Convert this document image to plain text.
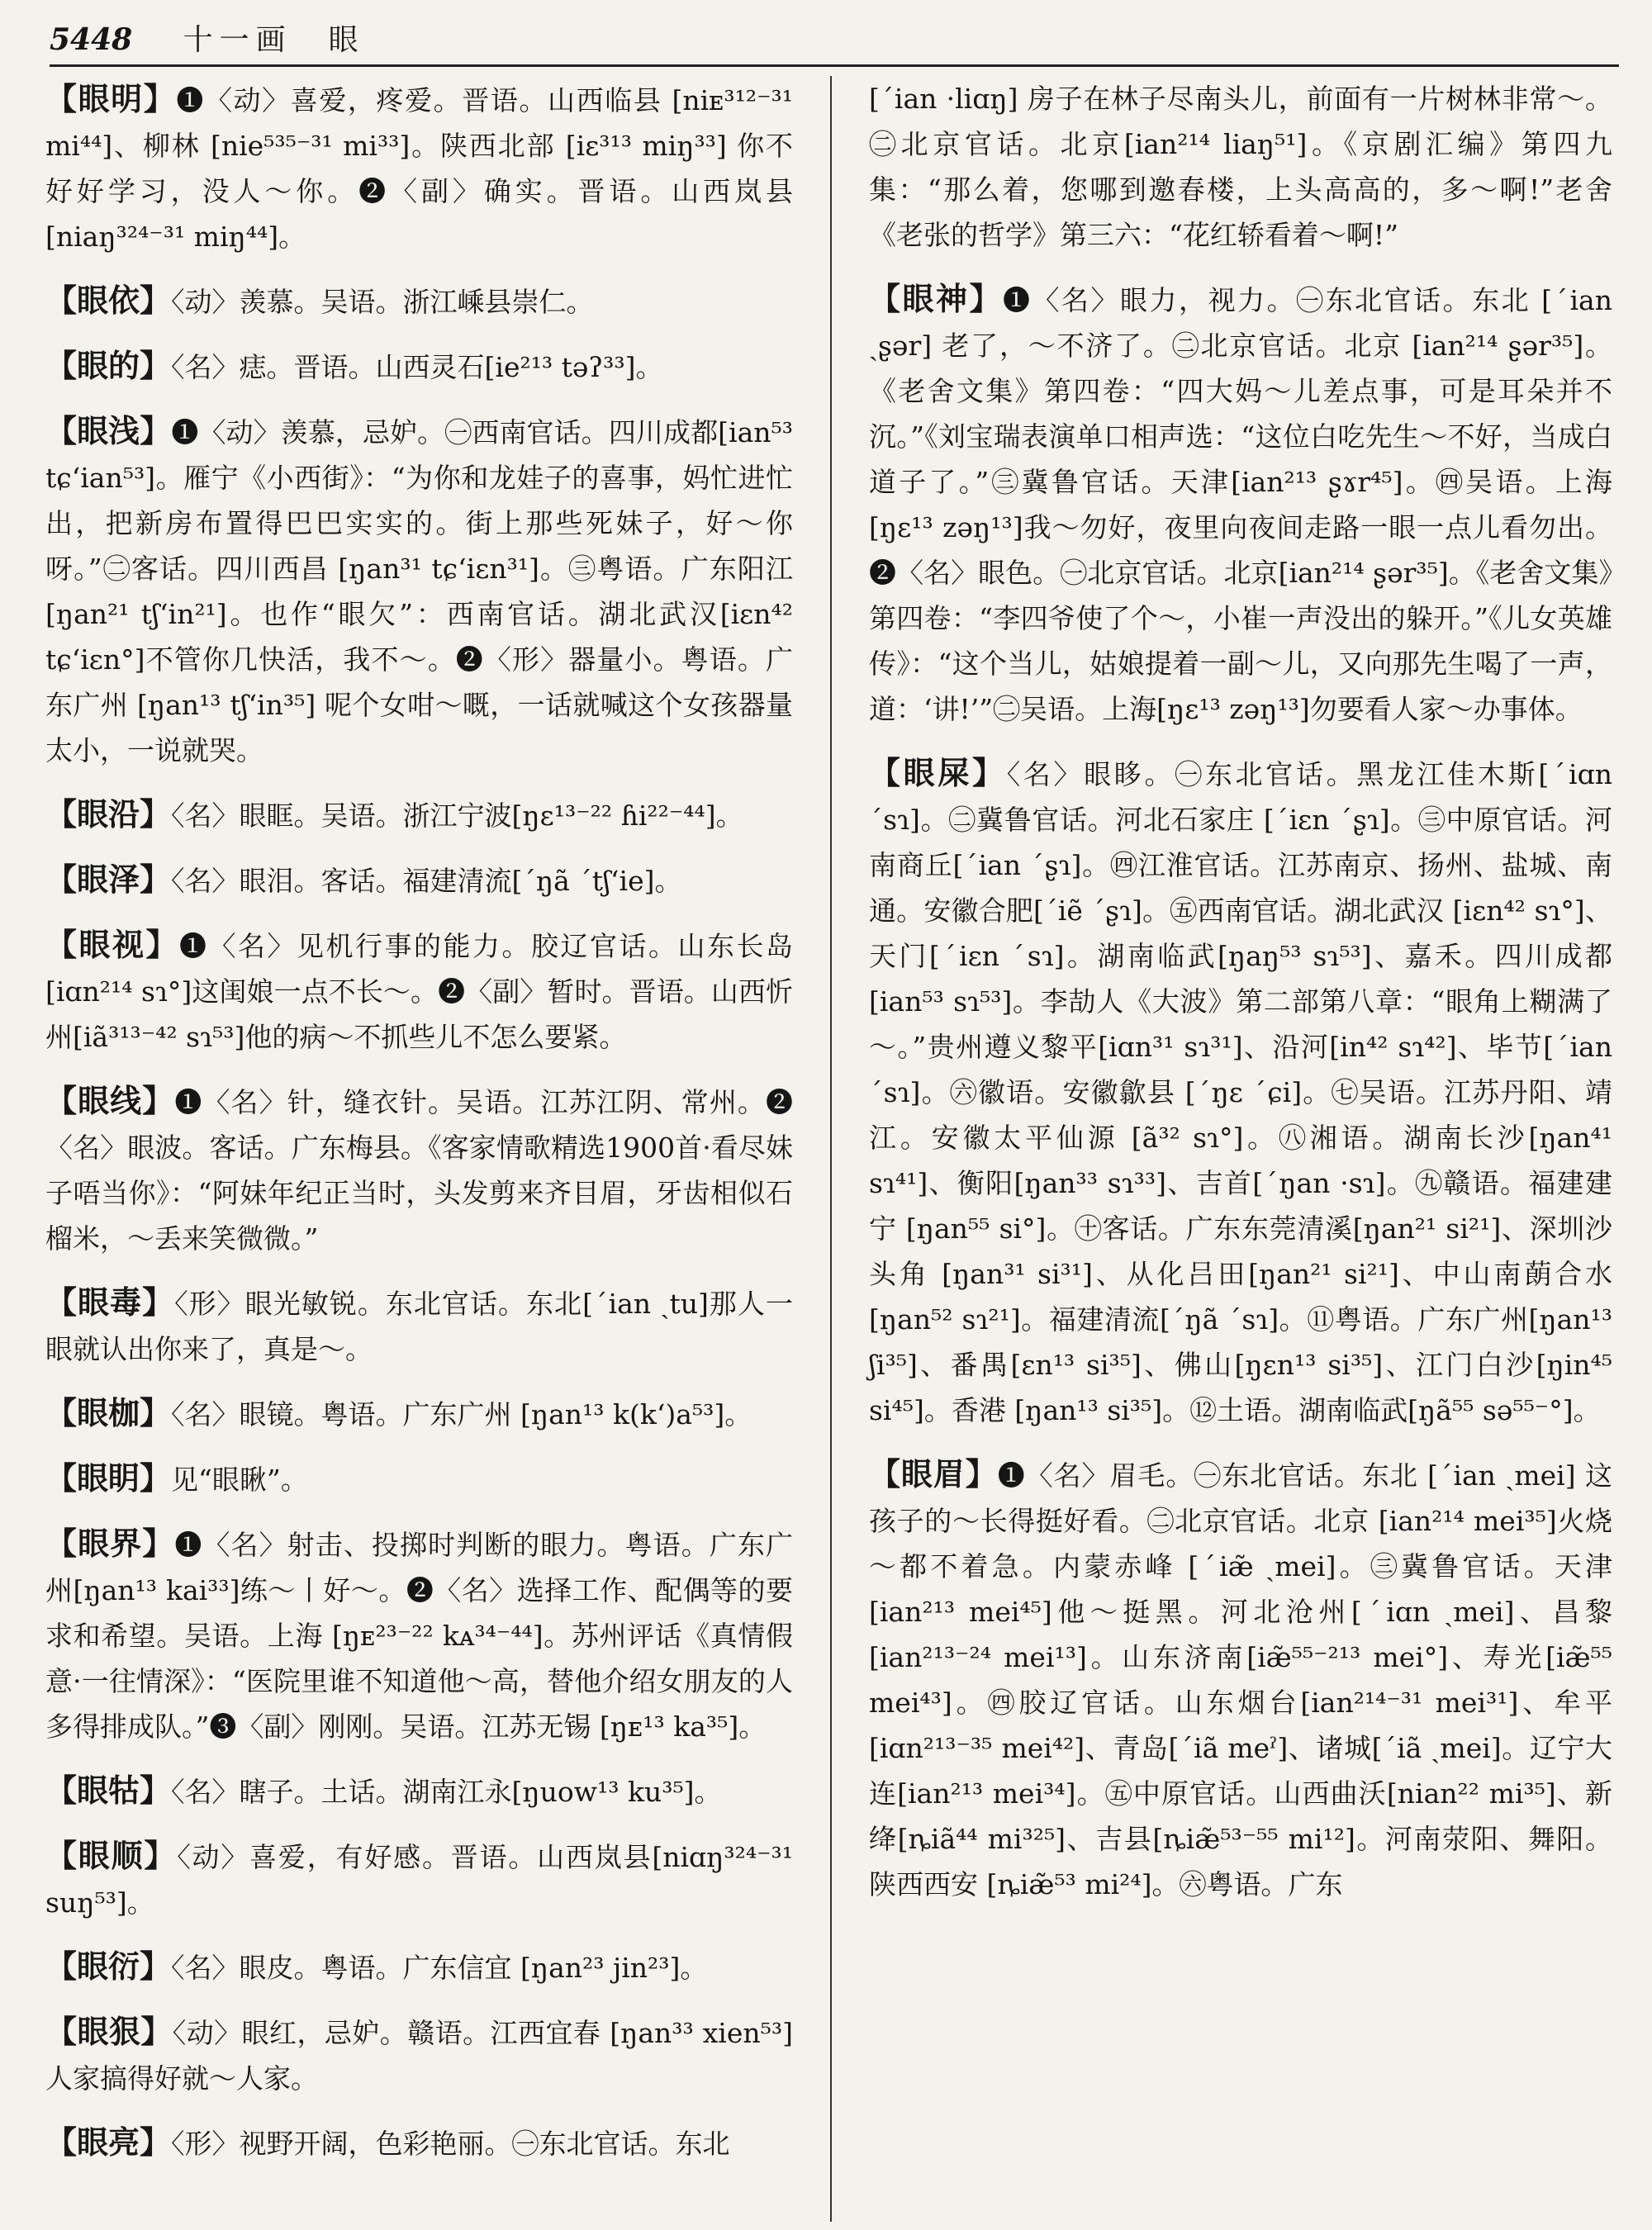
5448 十一画　眼
【眼明】❶〈动〉喜爱，疼爱。晋语。山西临县 [niᴇ³¹²⁻³¹ mi⁴⁴]、柳林 [nie⁵³⁵⁻³¹ mi³³]。陕西北部 [iɛ³¹³ miŋ³³] 你不好好学习，没人～你。❷〈副〉确实。晋语。山西岚县[niaŋ³²⁴⁻³¹ miŋ⁴⁴]。
【眼依】〈动〉羡慕。吴语。浙江嵊县崇仁。
【眼的】〈名〉痣。晋语。山西灵石[ie²¹³ təʔ³³]。
【眼浅】❶〈动〉羡慕，忌妒。㊀西南官话。四川成都[ian⁵³ tɕʻian⁵³]。雁宁《小西街》：“为你和龙娃子的喜事，妈忙进忙出，把新房布置得巴巴实实的。街上那些死妹子，好～你呀。”㊁客话。四川西昌 [ŋan³¹ tɕʻiɛn³¹]。㊂粤语。广东阳江 [ŋan²¹ tʃʻin²¹]。也作“眼欠”：西南官话。湖北武汉[iɛn⁴² tɕʻiɛn°]不管你几快活，我不～。❷〈形〉器量小。粤语。广东广州 [ŋan¹³ tʃʻin³⁵] 呢个女咁～嘅，一话就喊这个女孩器量太小，一说就哭。
【眼沿】〈名〉眼眶。吴语。浙江宁波[ŋɛ¹³⁻²² ɦi²²⁻⁴⁴]。
【眼泽】〈名〉眼泪。客话。福建清流[ˊŋã ˊtʃʻie]。
【眼视】❶〈名〉见机行事的能力。胶辽官话。山东长岛[iɑn²¹⁴ sɿ°]这闺娘一点不长～。❷〈副〉暂时。晋语。山西忻州[iã³¹³⁻⁴² sɿ⁵³]他的病～不抓些儿不怎么要紧。
【眼线】❶〈名〉针，缝衣针。吴语。江苏江阴、常州。❷〈名〉眼波。客话。广东梅县。《客家情歌精选1900首·看尽妹子唔当你》：“阿妹年纪正当时，头发剪来齐目眉，牙齿相似石榴米，～丢来笑微微。”
【眼毒】〈形〉眼光敏锐。东北官话。东北[ˊian ˏtu]那人一眼就认出你来了，真是～。
【眼枷】〈名〉眼镜。粤语。广东广州 [ŋan¹³ k(kʻ)a⁵³]。
【眼眀】见“眼瞅”。
【眼界】❶〈名〉射击、投掷时判断的眼力。粤语。广东广州[ŋan¹³ kai³³]练～丨好～。❷〈名〉选择工作、配偶等的要求和希望。吴语。上海 [ŋᴇ²³⁻²² kᴀ³⁴⁻⁴⁴]。苏州评话《真情假意·一往情深》：“医院里谁不知道他～高，替他介绍女朋友的人多得排成队。”❸〈副〉刚刚。吴语。江苏无锡 [ŋᴇ¹³ ka³⁵]。
【眼牯】〈名〉瞎子。土话。湖南江永[ŋuow¹³ ku³⁵]。
【眼顺】〈动〉喜爱，有好感。晋语。山西岚县[niɑŋ³²⁴⁻³¹ suŋ⁵³]。
【眼衍】〈名〉眼皮。粤语。广东信宜 [ŋan²³ jin²³]。
【眼狠】〈动〉眼红，忌妒。赣语。江西宜春 [ŋan³³ xien⁵³] 人家搞得好就～人家。
【眼亮】〈形〉视野开阔，色彩艳丽。㊀东北官话。东北
[ˊian ·liɑŋ] 房子在林子尽南头儿，前面有一片树林非常～。㊁北京官话。北京[ian²¹⁴ liaŋ⁵¹]。《京剧汇编》第四九集：“那么着，您哪到邀春楼，上头高高的，多～啊!”老舍《老张的哲学》第三六：“花红轿看着～啊!”
【眼神】❶〈名〉眼力，视力。㊀东北官话。东北 [ˊian ˏʂər] 老了，～不济了。㊁北京官话。北京 [ian²¹⁴ ʂər³⁵]。《老舍文集》第四卷：“四大妈～儿差点事，可是耳朵并不沉。”《刘宝瑞表演单口相声选：“这位白吃先生～不好，当成白道子了。”㊂冀鲁官话。天津[ian²¹³ ʂɤr⁴⁵]。㊃吴语。上海[ŋɛ¹³ zəŋ¹³]我～勿好，夜里向夜间走路一眼一点儿看勿出。❷〈名〉眼色。㊀北京官话。北京[ian²¹⁴ ʂər³⁵]。《老舍文集》第四卷：“李四爷使了个～，小崔一声没出的躲开。”《儿女英雄传》：“这个当儿，姑娘提着一副～儿，又向那先生喝了一声，道：‘讲!’”㊁吴语。上海[ŋɛ¹³ zəŋ¹³]勿要看人家～办事体。
【眼屎】〈名〉眼眵。㊀东北官话。黑龙江佳木斯[ˊiɑn ˊsɿ]。㊁冀鲁官话。河北石家庄 [ˊiɛn ˊʂɿ]。㊂中原官话。河南商丘[ˊian ˊʂɿ]。㊃江淮官话。江苏南京、扬州、盐城、南通。安徽合肥[ˊiẽ ˊʂɿ]。㊄西南官话。湖北武汉 [iɛn⁴² sɿ°]、天门[ˊiɛn ˊsɿ]。湖南临武[ŋaŋ⁵³ sɿ⁵³]、嘉禾。四川成都[ian⁵³ sɿ⁵³]。李劼人《大波》第二部第八章：“眼角上糊满了～。”贵州遵义黎平[iɑn³¹ sɿ³¹]、沿河[in⁴² sɿ⁴²]、毕节[ˊian ˊsɿ]。㊅徽语。安徽歙县 [ˊŋɛ ˊɕi]。㊆吴语。江苏丹阳、靖江。安徽太平仙源 [ã³² sɿ°]。㊇湘语。湖南长沙[ŋan⁴¹ sɿ⁴¹]、衡阳[ŋan³³ sɿ³³]、吉首[ˊŋan ·sɿ]。㊈赣语。福建建宁 [ŋan⁵⁵ si°]。㊉客话。广东东莞清溪[ŋan²¹ si²¹]、深圳沙头角 [ŋan³¹ si³¹]、从化吕田[ŋan²¹ si²¹]、中山南蓢合水 [ŋan⁵² sɿ²¹]。福建清流[ˊŋã ˊsɿ]。⑪粤语。广东广州[ŋan¹³ ʃi³⁵]、番禺[ɛn¹³ si³⁵]、佛山[ŋɛn¹³ si³⁵]、江门白沙[ŋin⁴⁵ si⁴⁵]。香港 [ŋan¹³ si³⁵]。⑫土语。湖南临武[ŋã⁵⁵ sə⁵⁵⁻°]。
【眼眉】❶〈名〉眉毛。㊀东北官话。东北 [ˊian ˏmei] 这孩子的～长得挺好看。㊁北京官话。北京 [ian²¹⁴ mei³⁵]火烧～都不着急。内蒙赤峰 [ˊiæ̃ ˏmei]。㊂冀鲁官话。天津[ian²¹³ mei⁴⁵]他～挺黑。河北沧州[ˊiɑn ˏmei]、昌黎 [ian²¹³⁻²⁴ mei¹³]。山东济南[iæ̃⁵⁵⁻²¹³ mei°]、寿光[iæ̃⁵⁵ mei⁴³]。㊃胶辽官话。山东烟台[ian²¹⁴⁻³¹ mei³¹]、牟平[iɑn²¹³⁻³⁵ mei⁴²]、青岛[ˊiã meˀ]、诸城[ˊiã ˏmei]。辽宁大连[ian²¹³ mei³⁴]。㊄中原官话。山西曲沃[nian²² mi³⁵]、新绛[ȵiã⁴⁴ mi³²⁵]、吉县[ȵiæ̃⁵³⁻⁵⁵ mi¹²]。河南荥阳、舞阳。陕西西安 [ȵiæ̃⁵³ mi²⁴]。㊅粤语。广东
